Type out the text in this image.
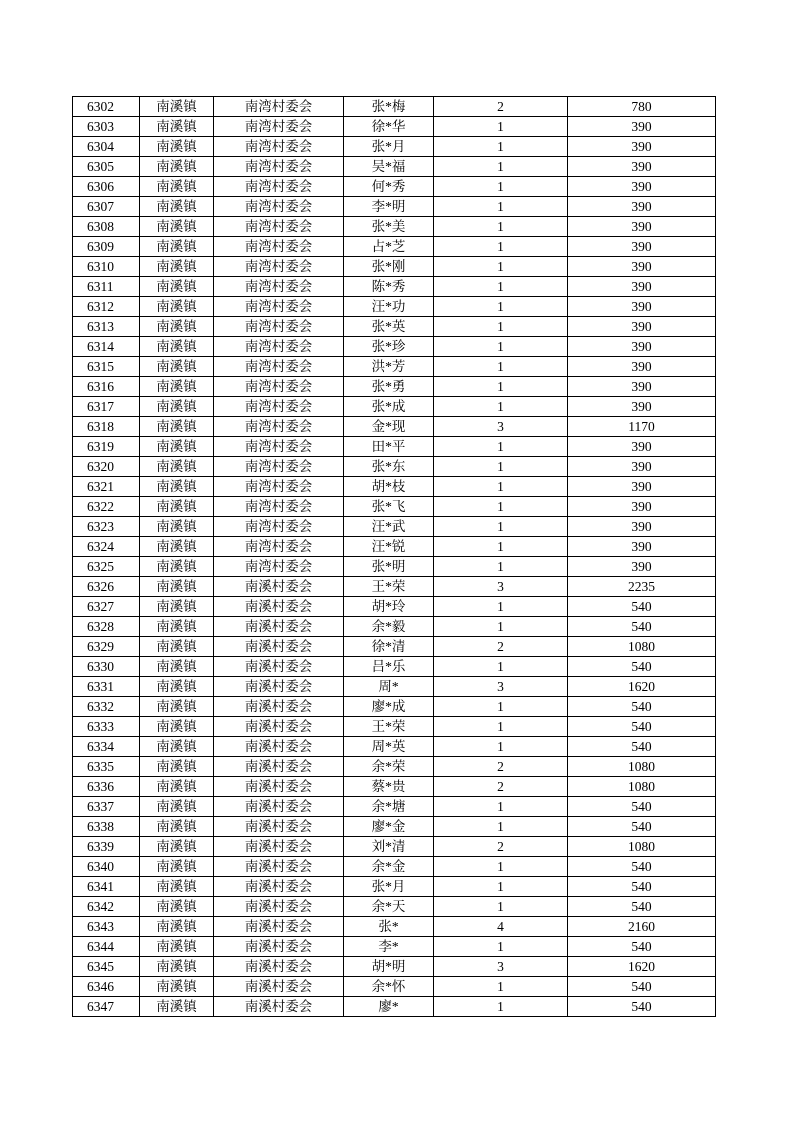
6302	南溪镇	南湾村委会	张*梅	2	780
6303	南溪镇	南湾村委会	徐*华	1	390
6304	南溪镇	南湾村委会	张*月	1	390
6305	南溪镇	南湾村委会	吴*福	1	390
6306	南溪镇	南湾村委会	何*秀	1	390
6307	南溪镇	南湾村委会	李*明	1	390
6308	南溪镇	南湾村委会	张*美	1	390
6309	南溪镇	南湾村委会	占*芝	1	390
6310	南溪镇	南湾村委会	张*刚	1	390
6311	南溪镇	南湾村委会	陈*秀	1	390
6312	南溪镇	南湾村委会	汪*功	1	390
6313	南溪镇	南湾村委会	张*英	1	390
6314	南溪镇	南湾村委会	张*珍	1	390
6315	南溪镇	南湾村委会	洪*芳	1	390
6316	南溪镇	南湾村委会	张*勇	1	390
6317	南溪镇	南湾村委会	张*成	1	390
6318	南溪镇	南湾村委会	金*现	3	1170
6319	南溪镇	南湾村委会	田*平	1	390
6320	南溪镇	南湾村委会	张*东	1	390
6321	南溪镇	南湾村委会	胡*枝	1	390
6322	南溪镇	南湾村委会	张*飞	1	390
6323	南溪镇	南湾村委会	汪*武	1	390
6324	南溪镇	南湾村委会	汪*锐	1	390
6325	南溪镇	南湾村委会	张*明	1	390
6326	南溪镇	南溪村委会	王*荣	3	2235
6327	南溪镇	南溪村委会	胡*玲	1	540
6328	南溪镇	南溪村委会	余*毅	1	540
6329	南溪镇	南溪村委会	徐*清	2	1080
6330	南溪镇	南溪村委会	吕*乐	1	540
6331	南溪镇	南溪村委会	周*	3	1620
6332	南溪镇	南溪村委会	廖*成	1	540
6333	南溪镇	南溪村委会	王*荣	1	540
6334	南溪镇	南溪村委会	周*英	1	540
6335	南溪镇	南溪村委会	余*荣	2	1080
6336	南溪镇	南溪村委会	蔡*贵	2	1080
6337	南溪镇	南溪村委会	余*塘	1	540
6338	南溪镇	南溪村委会	廖*金	1	540
6339	南溪镇	南溪村委会	刘*清	2	1080
6340	南溪镇	南溪村委会	余*金	1	540
6341	南溪镇	南溪村委会	张*月	1	540
6342	南溪镇	南溪村委会	余*天	1	540
6343	南溪镇	南溪村委会	张*	4	2160
6344	南溪镇	南溪村委会	李*	1	540
6345	南溪镇	南溪村委会	胡*明	3	1620
6346	南溪镇	南溪村委会	余*怀	1	540
6347	南溪镇	南溪村委会	廖*	1	540
